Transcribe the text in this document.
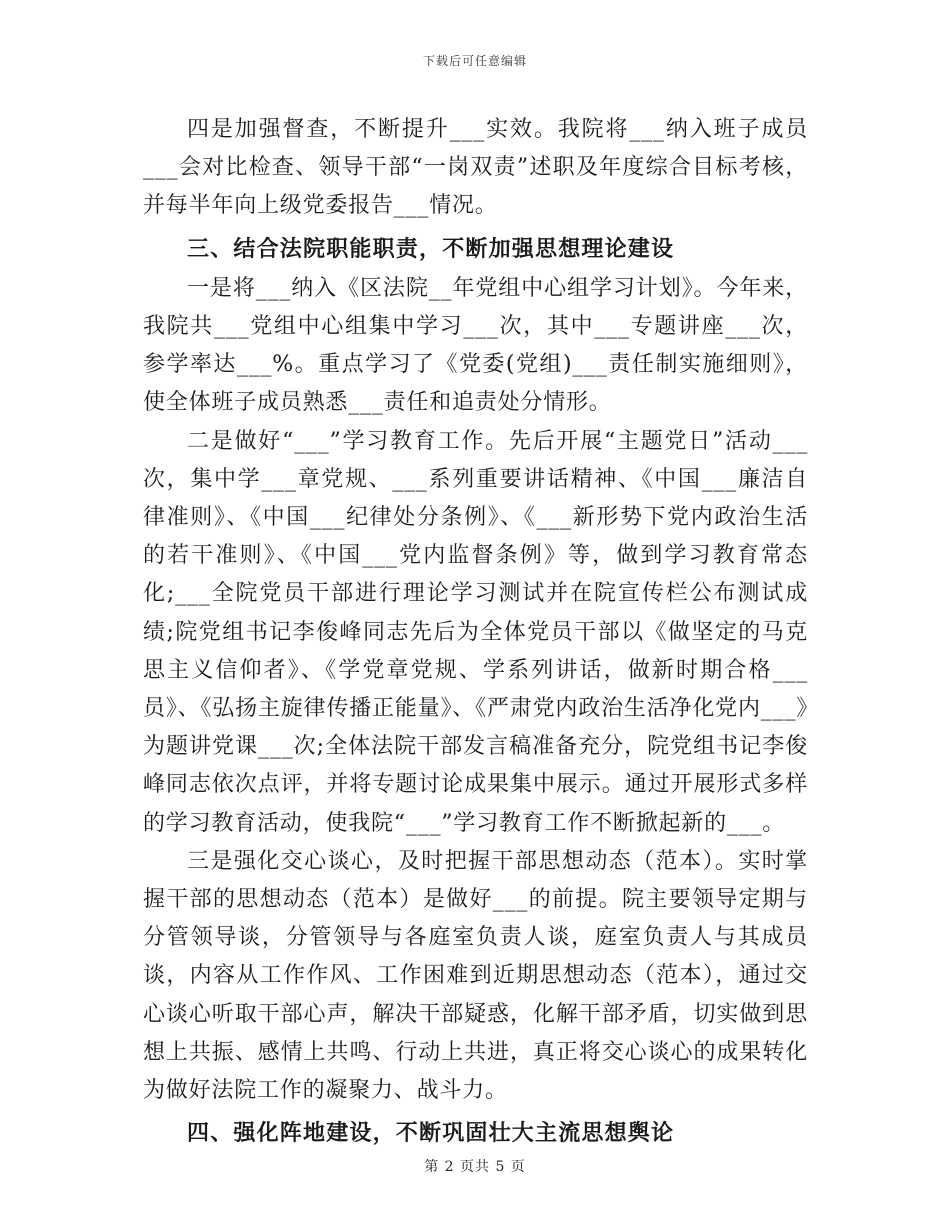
下载后可任意编辑

四是加强督查，不断提升___实效。我院将___纳入班子成员___会对比检查、领导干部“一岗双责”述职及年度综合目标考核，并每半年向上级党委报告___情况。

三、结合法院职能职责，不断加强思想理论建设

一是将___纳入《区法院__年党组中心组学习计划》。今年来，我院共___党组中心组集中学习___次，其中___专题讲座___次，参学率达___%。重点学习了《党委(党组)___责任制实施细则》，使全体班子成员熟悉___责任和追责处分情形。

二是做好“___”学习教育工作。先后开展“主题党日”活动___次，集中学___章党规、___系列重要讲话精神、《中国___廉洁自律准则》、《中国___纪律处分条例》、《___新形势下党内政治生活的若干准则》、《中国___党内监督条例》等，做到学习教育常态化;___全院党员干部进行理论学习测试并在院宣传栏公布测试成绩;院党组书记李俊峰同志先后为全体党员干部以《做坚定的马克思主义信仰者》、《学党章党规、学系列讲话，做新时期合格___员》、《弘扬主旋律传播正能量》、《严肃党内政治生活净化党内___》为题讲党课___次;全体法院干部发言稿准备充分，院党组书记李俊峰同志依次点评，并将专题讨论成果集中展示。通过开展形式多样的学习教育活动，使我院“___”学习教育工作不断掀起新的___。

三是强化交心谈心，及时把握干部思想动态（范本）。实时掌握干部的思想动态（范本）是做好___的前提。院主要领导定期与分管领导谈，分管领导与各庭室负责人谈，庭室负责人与其成员谈，内容从工作作风、工作困难到近期思想动态（范本），通过交心谈心听取干部心声，解决干部疑惑，化解干部矛盾，切实做到思想上共振、感情上共鸣、行动上共进，真正将交心谈心的成果转化为做好法院工作的凝聚力、战斗力。

四、强化阵地建设，不断巩固壮大主流思想舆论

第 2 页共 5 页
